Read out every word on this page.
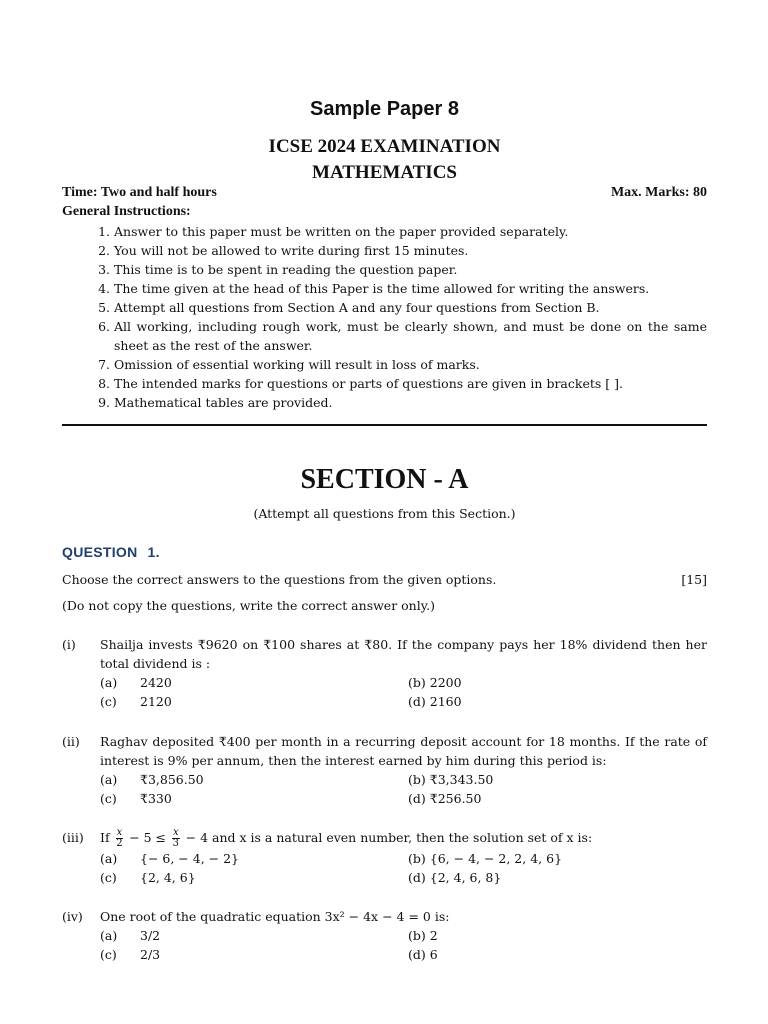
Sample Paper 8
ICSE 2024 EXAMINATION
MATHEMATICS
Time: Two and half hours	Max. Marks: 80
General Instructions:
1. Answer to this paper must be written on the paper provided separately.
2. You will not be allowed to write during first 15 minutes.
3. This time is to be spent in reading the question paper.
4. The time given at the head of this Paper is the time allowed for writing the answers.
5. Attempt all questions from Section A and any four questions from Section B.
6. All working, including rough work, must be clearly shown, and must be done on the same sheet as the rest of the answer.
7. Omission of essential working will result in loss of marks.
8. The intended marks for questions or parts of questions are given in brackets [ ].
9. Mathematical tables are provided.
SECTION - A
(Attempt all questions from this Section.)
QUESTION 1.
Choose the correct answers to the questions from the given options.	[15]
(Do not copy the questions, write the correct answer only.)
(i) Shailja invests ₹9620 on ₹100 shares at ₹80. If the company pays her 18% dividend then her total dividend is :
(a) 2420	(b) 2200
(c) 2120	(d) 2160
(ii) Raghav deposited ₹400 per month in a recurring deposit account for 18 months. If the rate of interest is 9% per annum, then the interest earned by him during this period is:
(a) ₹3,856.50	(b) ₹3,343.50
(c) ₹330	(d) ₹256.50
(iii) If $\frac{x}{2} - 5 \le \frac{x}{3} - 4$ and x is a natural even number, then the solution set of x is:
(a) {− 6, − 4, − 2}	(b) {6, − 4, − 2, 2, 4, 6}
(c) {2, 4, 6}	(d) {2, 4, 6, 8}
(iv) One root of the quadratic equation 3x² − 4x − 4 = 0 is:
(a) 3/2	(b) 2
(c) 2/3	(d) 6
